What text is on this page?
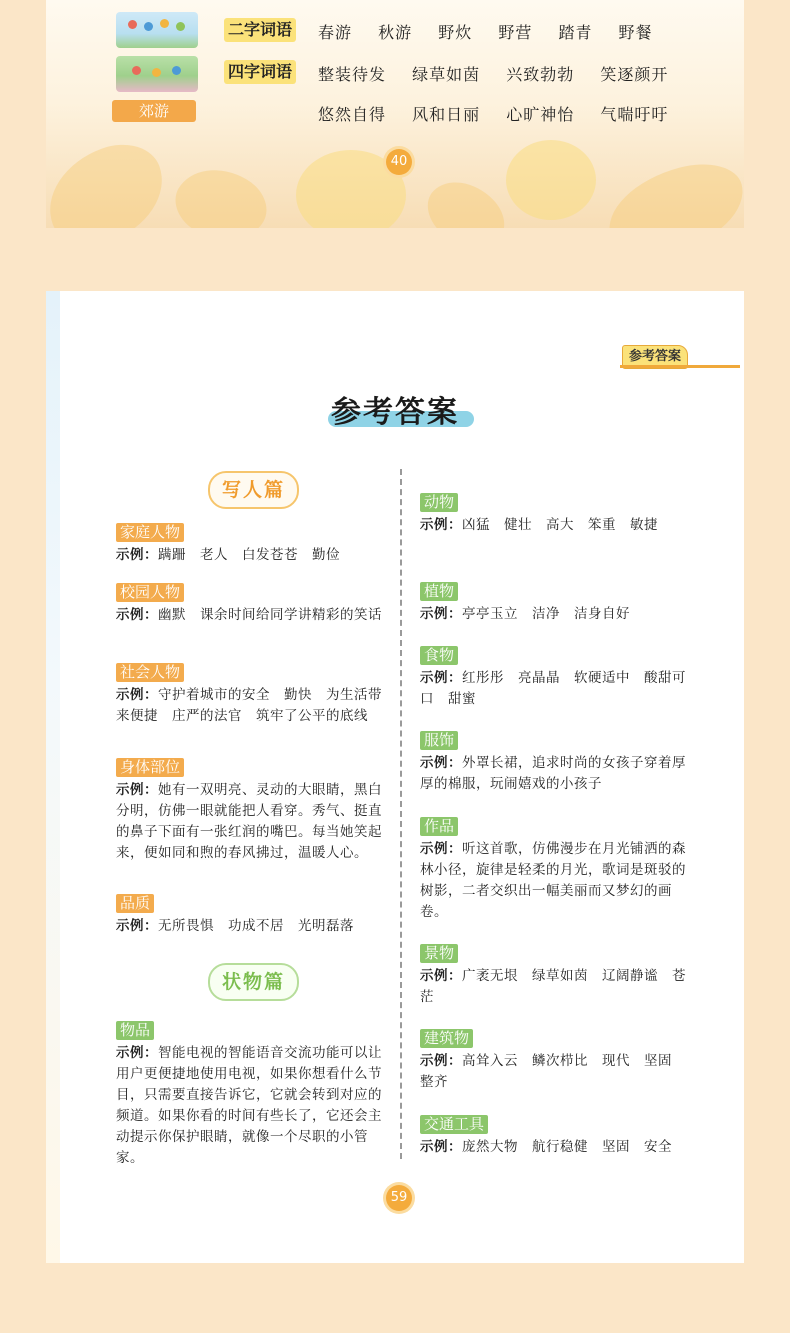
郊游
二字词语 春游 秋游 野炊 野营 踏青 野餐
四字词语 整装待发 绿草如茵 兴致勃勃 笑逐颜开
悠然自得 风和日丽 心旷神怡 气喘吁吁
40
参考答案
参考答案
写人篇
家庭人物

示例：蹒跚　老人　白发苍苍　勤俭

校园人物

示例：幽默　课余时间给同学讲精彩的笑话

社会人物

示例：守护着城市的安全　勤快　为生活带来便捷　庄严的法官　筑牢了公平的底线

身体部位

示例：她有一双明亮、灵动的大眼睛，黑白分明，仿佛一眼就能把人看穿。秀气、挺直的鼻子下面有一张红润的嘴巴。每当她笑起来，便如同和煦的春风拂过，温暖人心。

品质

示例：无所畏惧　功成不居　光明磊落

状物篇
物品

示例：智能电视的智能语音交流功能可以让用户更便捷地使用电视，如果你想看什么节目，只需要直接告诉它，它就会转到对应的频道。如果你看的时间有些长了，它还会主动提示你保护眼睛，就像一个尽职的小管家。

动物

示例：凶猛　健壮　高大　笨重　敏捷

植物

示例：亭亭玉立　洁净　洁身自好

食物

示例：红彤彤　亮晶晶　软硬适中　酸甜可口　甜蜜

服饰

示例：外罩长裙，追求时尚的女孩子穿着厚厚的棉服，玩闹嬉戏的小孩子

作品

示例：听这首歌，仿佛漫步在月光铺洒的森林小径，旋律是轻柔的月光，歌词是斑驳的树影，二者交织出一幅美丽而又梦幻的画卷。

景物

示例：广袤无垠　绿草如茵　辽阔静谧　苍茫

建筑物

示例：高耸入云　鳞次栉比　现代　坚固　整齐

交通工具

示例：庞然大物　航行稳健　坚固　安全

59
